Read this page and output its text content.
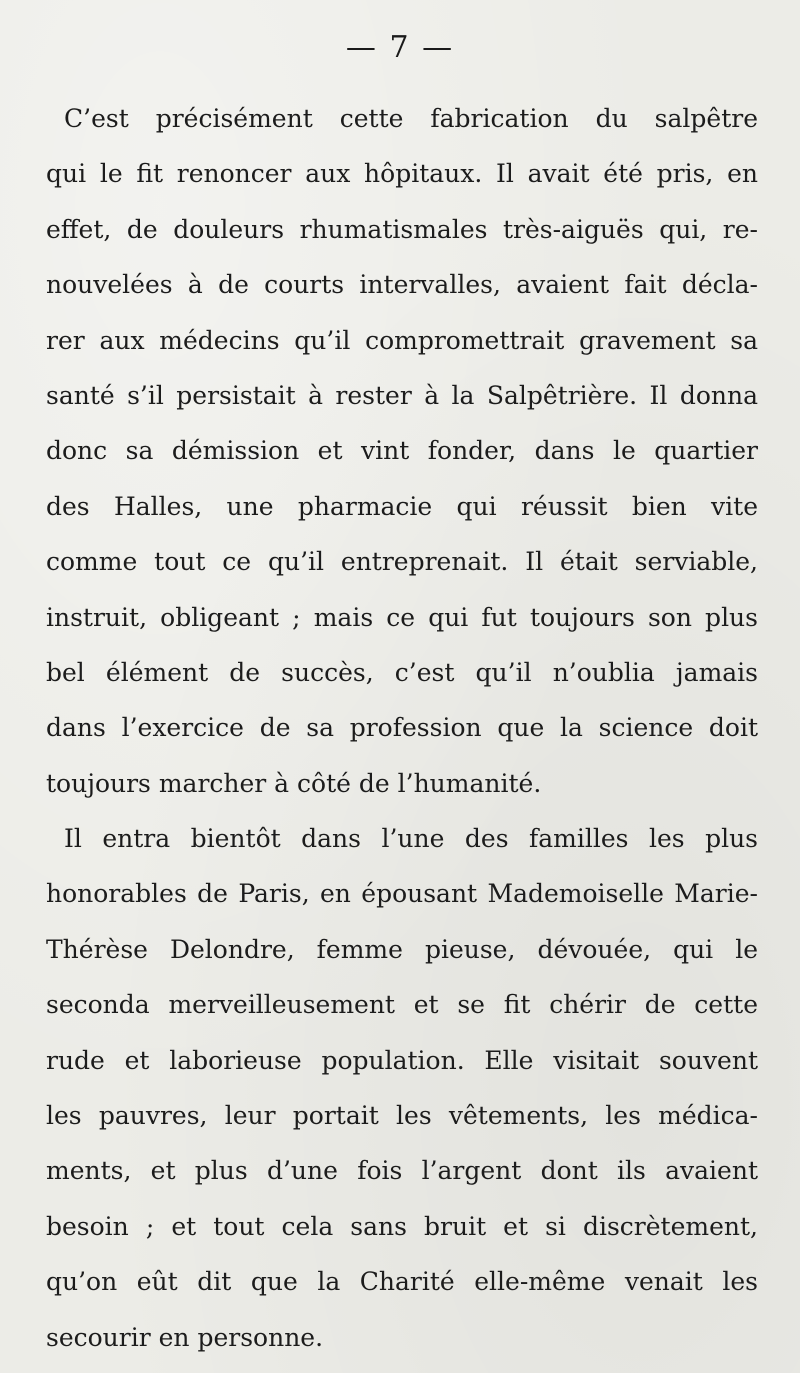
— 7 —
C’est précisément cette fabrication du salpêtre
qui le fit renoncer aux hôpitaux. Il avait été pris, en
effet, de douleurs rhumatismales très-aiguës qui, re-
nouvelées à de courts intervalles, avaient fait décla-
rer aux médecins qu’il compromettrait gravement sa
santé s’il persistait à rester à la Salpêtrière. Il donna
donc sa démission et vint fonder, dans le quartier
des Halles, une pharmacie qui réussit bien vite
comme tout ce qu’il entreprenait. Il était serviable,
instruit, obligeant ; mais ce qui fut toujours son plus
bel élément de succès, c’est qu’il n’oublia jamais
dans l’exercice de sa profession que la science doit
toujours marcher à côté de l’humanité.
Il entra bientôt dans l’une des familles les plus
honorables de Paris, en épousant Mademoiselle Marie-
Thérèse Delondre, femme pieuse, dévouée, qui le
seconda merveilleusement et se fit chérir de cette
rude et laborieuse population. Elle visitait souvent
les pauvres, leur portait les vêtements, les médica-
ments, et plus d’une fois l’argent dont ils avaient
besoin ; et tout cela sans bruit et si discrètement,
qu’on eût dit que la Charité elle-même venait les
secourir en personne.
